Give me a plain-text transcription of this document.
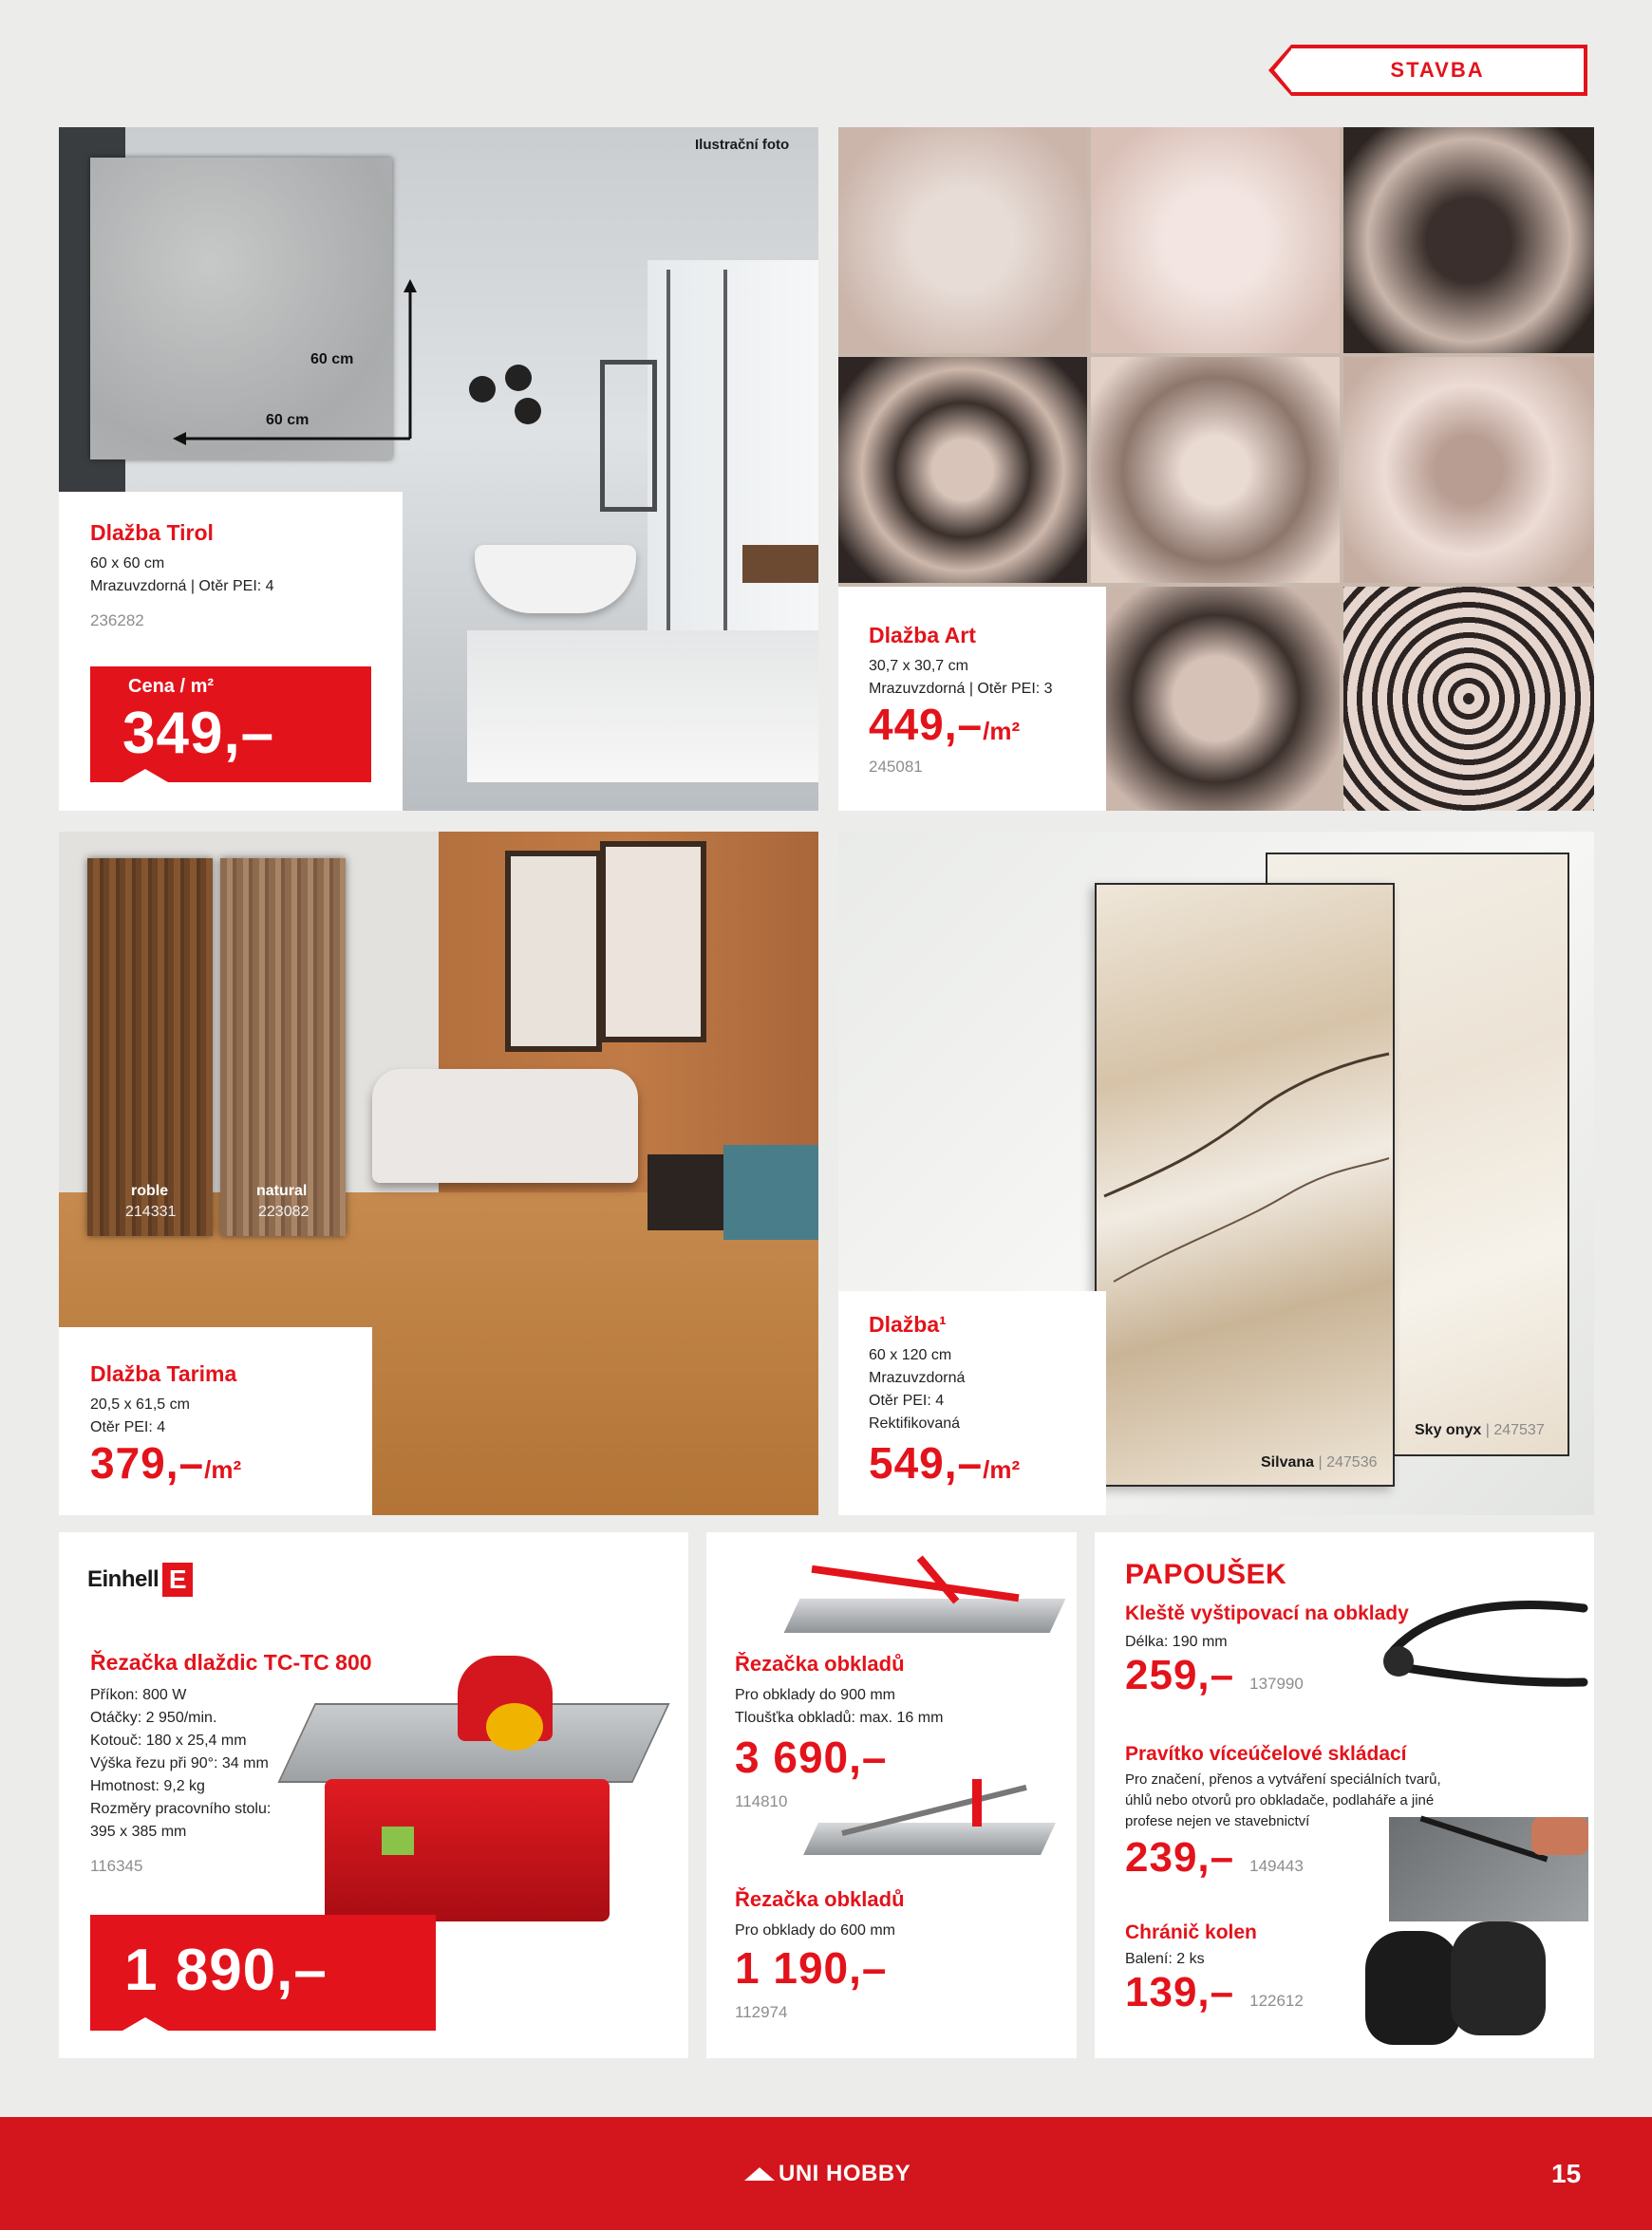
STAVBA
60 cm
60 cm
Ilustrační foto
Dlažba Tirol
60 x 60 cm
Mrazuvzdorná | Otěr PEI: 4
236282
Cena / m²
349,–
Dlažba Art
30,7 x 30,7 cm
Mrazuvzdorná | Otěr PEI: 3
449,–/m²
245081
roble
214331
natural
223082
Dlažba Tarima
20,5 x 61,5 cm
Otěr PEI: 4
379,–/m²
Sky onyx | 247537
Silvana | 247536
Dlažba¹
60 x 120 cm
Mrazuvzdorná
Otěr PEI: 4
Rektifikovaná
549,–/m²
Einhell E
Řezačka dlaždic TC-TC 800
Příkon: 800 W
Otáčky: 2 950/min.
Kotouč: 180 x 25,4 mm
Výška řezu při 90°: 34 mm
Hmotnost: 9,2 kg
Rozměry pracovního stolu:
395 x 385 mm
116345
1 890,–
Řezačka obkladů
Pro obklady do 900 mm
Tloušťka obkladů: max. 16 mm
3 690,–
114810
Řezačka obkladů
Pro obklady do 600 mm
1 190,–
112974
PAPOUŠEK
Kleště vyštipovací na obklady
Délka: 190 mm
259,– 137990
Pravítko víceúčelové skládací
Pro značení, přenos a vytváření speciálních tvarů,
úhlů nebo otvorů pro obkladače, podlaháře a jiné
profese nejen ve stavebnictví
239,– 149443
Chránič kolen
Balení: 2 ks
139,– 122612
UNI HOBBY	15
